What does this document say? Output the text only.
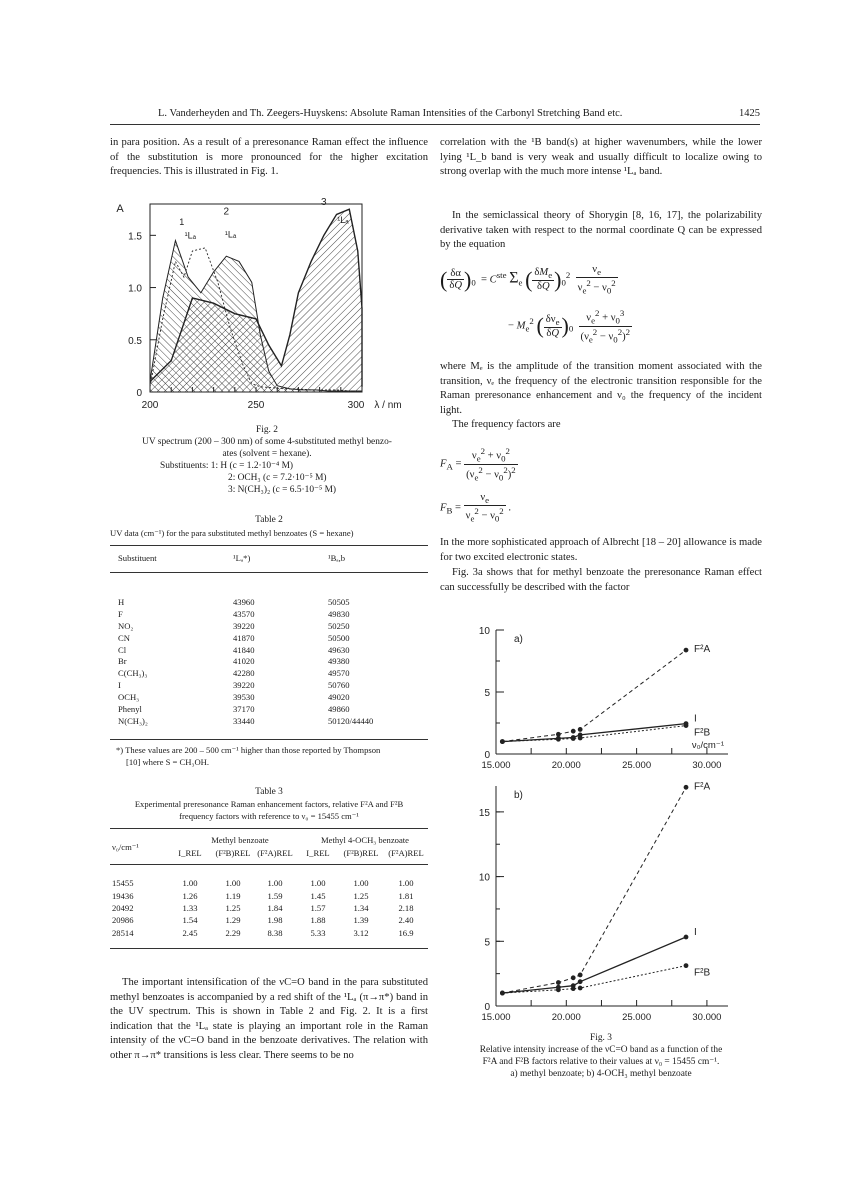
L. Vanderheyden and Th. Zeegers-Huyskens: Absolute Raman Intensities of the Carbonyl Stretching Band etc.	1425
in para position. As a result of a preresonance Raman effect the influence of the substitution is more pronounced for the higher excitation frequencies. This is illustrated in Fig. 1.
0
0.5
1.0
1.5
200	250	300 λ / nm
A
1
¹Lₐ
2
¹Lₐ
3
¹Lₐ
Fig. 2
UV spectrum (200 – 300 nm) of some 4-substituted methyl benzo-
ates (solvent = hexane).
Substituents: 1: H (c = 1.2·10⁻⁴ M)
2: OCH₃ (c = 7.2·10⁻⁵ M)
3: N(CH₃)₂ (c = 6.5·10⁻⁵ M)
Table 2
UV data (cm⁻¹) for the para substituted methyl benzoates (S = hexane)
Substituent	¹Lₐ*)	¹Bₐ,b
H	43960	50505
F	43570	49830
NO₂	39220	50250
CN	41870	50500
Cl	41840	49630
Br	41020	49380
C(CH₃)₃	42280	49570
I	39220	50760
OCH₃	39530	49020
Phenyl	37170	49860
N(CH₃)₂	33440	50120/44440
*) These values are 200 – 500 cm⁻¹ higher than those reported by Thompson
[10] where S = CH₃OH.
Table 3
Experimental preresonance Raman enhancement factors, relative F²A and F²B
frequency factors with reference to ν₀ = 15455 cm⁻¹
Methyl benzoate	Methyl 4-OCH₃ benzoate
ν₀/cm⁻¹
I_REL	(F²B)REL	(F²A)REL	I_REL	(F²B)REL	(F²A)REL
15455	1.00	1.00	1.00	1.00	1.00	1.00
19436	1.26	1.19	1.59	1.45	1.25	1.81
20492	1.33	1.25	1.84	1.57	1.34	2.18
20986	1.54	1.29	1.98	1.88	1.39	2.40
28514	2.45	2.29	8.38	5.33	3.12	16.9
The important intensification of the νC=O band in the para substituted methyl benzoates is accompanied by a red shift of the ¹Lₐ (π→π*) band in the UV spectrum. This is shown in Table 2 and Fig. 2. It is a first indication that the ¹Lₐ state is playing an important role in the Raman intensity of the νC=O band in the benzoate derivatives. The relation with other π→π* transitions is less clear. There seems to be no
correlation with the ¹B band(s) at higher wavenumbers, while the lower lying ¹L_b band is very weak and usually difficult to localize owing to strong overlap with the much more intense ¹Lₐ band.
In the semiclassical theory of Shorygin [8, 16, 17], the polarizability derivative taken with respect to the normal coordinate Q can be expressed by the equation
( $\frac{\delta\alpha}{\delta Q} )_0 = Cste$ $\Sigma_e$ ( $\frac{\delta M_e}{\delta Q} )_0^2 \frac{\nu_e}{\nu_e^2 - \nu_0^2}$
− $M_e^2$ ( $\frac{\delta\nu_e}{\delta Q} )_0 \frac{\nu_e^2 + \nu_0^3}{(\nu_e^2 - \nu_0^2)^2}$
where Mₑ is the amplitude of the transition moment associated with the transition, νₑ the frequency of the electronic transition responsible for the Raman preresonance enhancement and ν₀ the frequency of the incident light.
The frequency factors are
$F_A = \frac{\nu_e^2 + \nu_0^2}{(\nu_e^2 - \nu_0^2)^2}$
$F_B = \frac{\nu_e}{\nu_e^2 - \nu_0^2}$ .
In the more sophisticated approach of Albrecht [18 – 20] allowance is made for two excited electronic states.
Fig. 3a shows that for methyl benzoate the preresonance Raman effect can successfully be described with the factor
0
5
10
15.000	20.000	25.000	30.000
a)
ν₀/cm⁻¹
F²A
I
F²B
0
5
10
15
15.000	20.000	25.000	30.000
b)
F²A
I
F²B
Fig. 3
Relative intensity increase of the νC=O band as a function of the
F²A and F²B factors relative to their values at ν₀ = 15455 cm⁻¹.
a) methyl benzoate; b) 4-OCH₃ methyl benzoate
